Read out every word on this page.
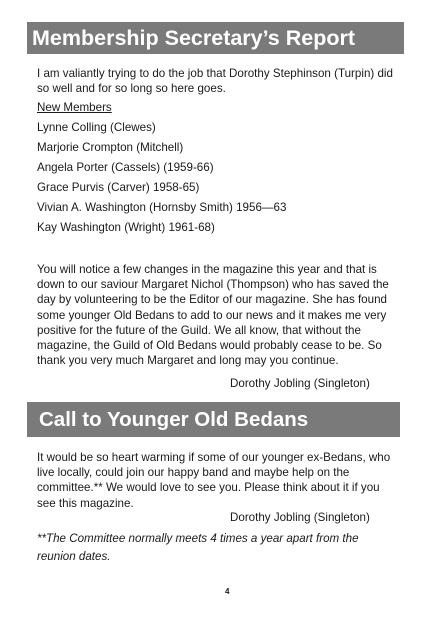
Membership Secretary’s Report

I am valiantly trying to do the job that Dorothy Stephinson (Turpin) did so well and for so long so here goes.

New Members
Lynne Colling (Clewes)
Marjorie Crompton (Mitchell)
Angela Porter (Cassels) (1959-66)
Grace Purvis (Carver) 1958-65)
Vivian A. Washington (Hornsby Smith) 1956—63
Kay Washington (Wright) 1961-68)

You will notice a few changes in the magazine this year and that is down to our saviour Margaret Nichol (Thompson) who has saved the day by volunteering to be the Editor of our magazine. She has found some younger Old Bedans to add to our news and it makes me very positive for the future of the Guild. We all know, that without the magazine, the Guild of Old Bedans would probably cease to be. So thank you very much Margaret and long may you continue.

Dorothy Jobling (Singleton)
Call to Younger Old Bedans

It would be so heart warming if some of our younger ex-Bedans, who live locally, could join our happy band and maybe help on the committee.** We would love to see you. Please think about it if you see this magazine.

Dorothy Jobling (Singleton)

**The Committee normally meets 4 times a year apart from the reunion dates.

4
